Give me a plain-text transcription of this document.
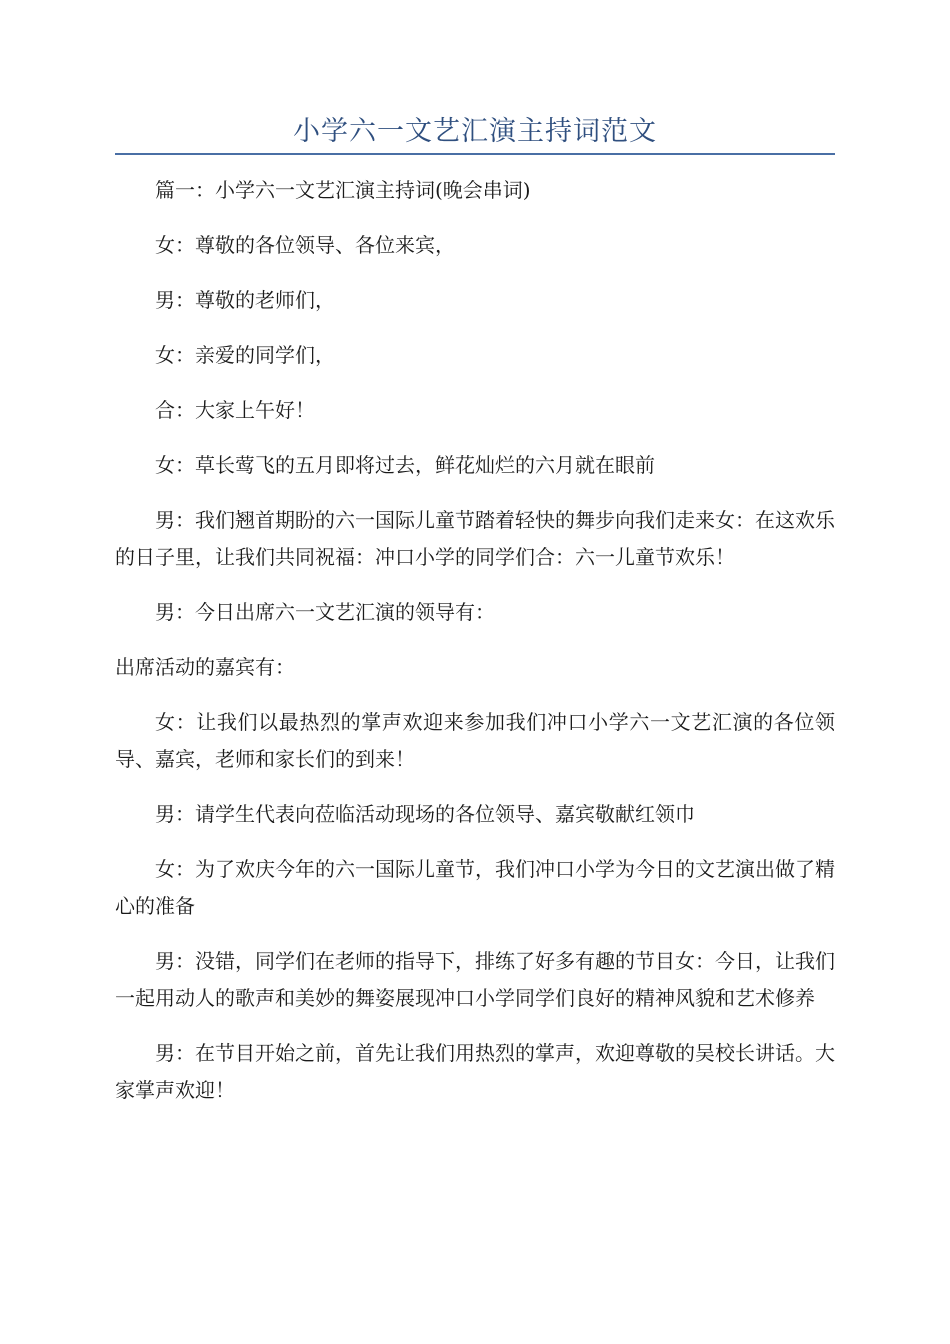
小学六一文艺汇演主持词范文

篇一：小学六一文艺汇演主持词(晚会串词)

女：尊敬的各位领导、各位来宾，

男：尊敬的老师们，

女：亲爱的同学们，

合：大家上午好！

女：草长莺飞的五月即将过去，鲜花灿烂的六月就在眼前

男：我们翘首期盼的六一国际儿童节踏着轻快的舞步向我们走来女：在这欢乐的日子里，让我们共同祝福：冲口小学的同学们合：六一儿童节欢乐！

男：今日出席六一文艺汇演的领导有：

出席活动的嘉宾有：

女：让我们以最热烈的掌声欢迎来参加我们冲口小学六一文艺汇演的各位领导、嘉宾，老师和家长们的到来！

男：请学生代表向莅临活动现场的各位领导、嘉宾敬献红领巾

女：为了欢庆今年的六一国际儿童节，我们冲口小学为今日的文艺演出做了精心的准备

男：没错，同学们在老师的指导下，排练了好多有趣的节目女：今日，让我们一起用动人的歌声和美妙的舞姿展现冲口小学同学们良好的精神风貌和艺术修养

男：在节目开始之前，首先让我们用热烈的掌声，欢迎尊敬的吴校长讲话。大家掌声欢迎！
